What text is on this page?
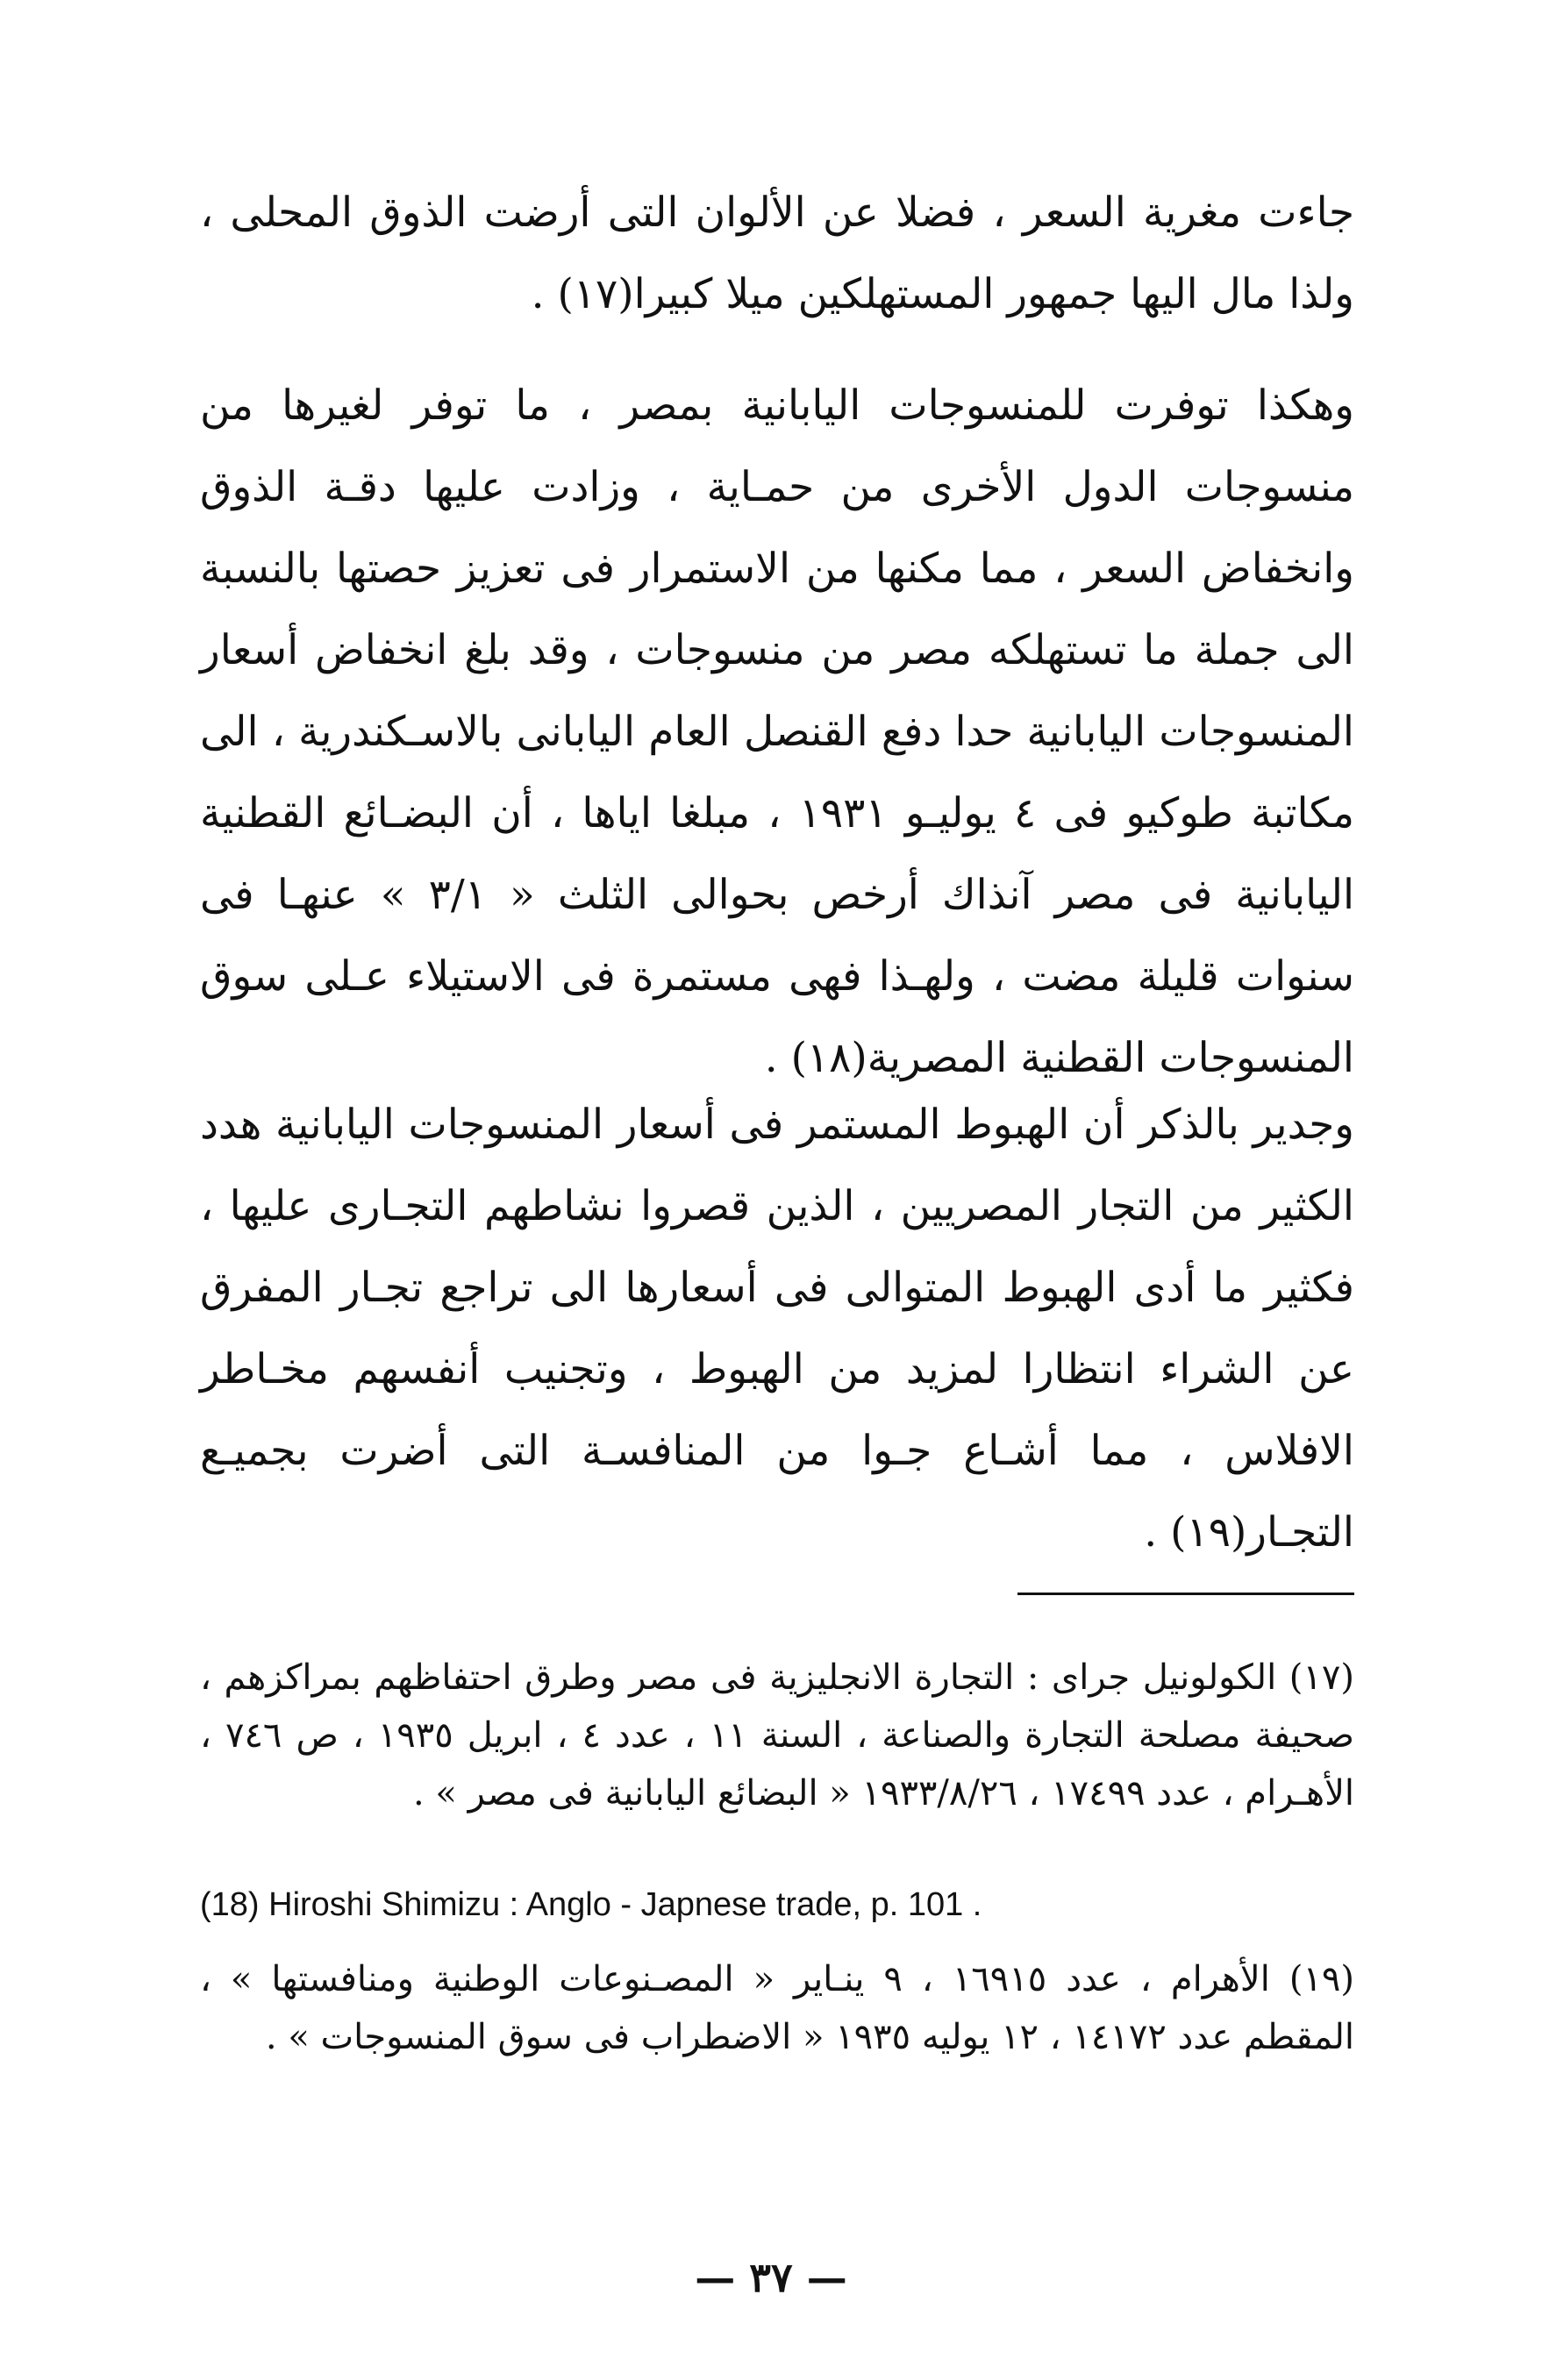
جاءت مغرية السعر ، فضلا عن الألوان التى أرضت الذوق المحلى ، ولذا مال اليها جمهور المستهلكين ميلا كبيرا(١٧) .

وهكذا توفرت للمنسوجات اليابانية بمصر ، ما توفر لغيرها من منسوجات الدول الأخرى من حمـاية ، وزادت عليها دقـة الذوق وانخفاض السعر ، مما مكنها من الاستمرار فى تعزيز حصتها بالنسبة الى جملة ما تستهلكه مصر من منسوجات ، وقد بلغ انخفاض أسعار المنسوجات اليابانية حدا دفع القنصل العام اليابانى بالاسـكندرية ، الى مكاتبة طوكيو فى ٤ يوليـو ١٩٣١ ، مبلغا اياها ، أن البضـائع القطنية اليابانية فى مصر آنذاك أرخص بحوالى الثلث « ٣/١ » عنهـا فى سنوات قليلة مضت ، ولهـذا فهى مستمرة فى الاستيلاء عـلى سوق المنسوجات القطنية المصرية(١٨) .

وجدير بالذكر أن الهبوط المستمر فى أسعار المنسوجات اليابانية هدد الكثير من التجار المصريين ، الذين قصروا نشاطهم التجـارى عليها ، فكثير ما أدى الهبوط المتوالى فى أسعارها الى تراجع تجـار المفرق عن الشراء انتظارا لمزيد من الهبوط ، وتجنيب أنفسهم مخـاطر الافلاس ، مما أشـاع جـوا من المنافسـة التى أضرت بجميـع التجـار(١٩) .

(١٧) الكولونيل جراى : التجارة الانجليزية فى مصر وطرق احتفاظهم بمراكزهم ، صحيفة مصلحة التجارة والصناعة ، السنة ١١ ، عدد ٤ ، ابريل ١٩٣٥ ، ص ٧٤٦ ، الأهـرام ، عدد ١٧٤٩٩ ، ١٩٣٣/٨/٢٦ « البضائع اليابانية فى مصر » .

(18) Hiroshi Shimizu : Anglo - Japnese trade, p. 101 .

(١٩) الأهرام ، عدد ١٦٩١٥ ، ٩ ينـاير « المصـنوعات الوطنية ومنافستها » ، المقطم عدد ١٤١٧٢ ، ١٢ يوليه ١٩٣٥ « الاضطراب فى سوق المنسوجات » .

— ٣٧ —
